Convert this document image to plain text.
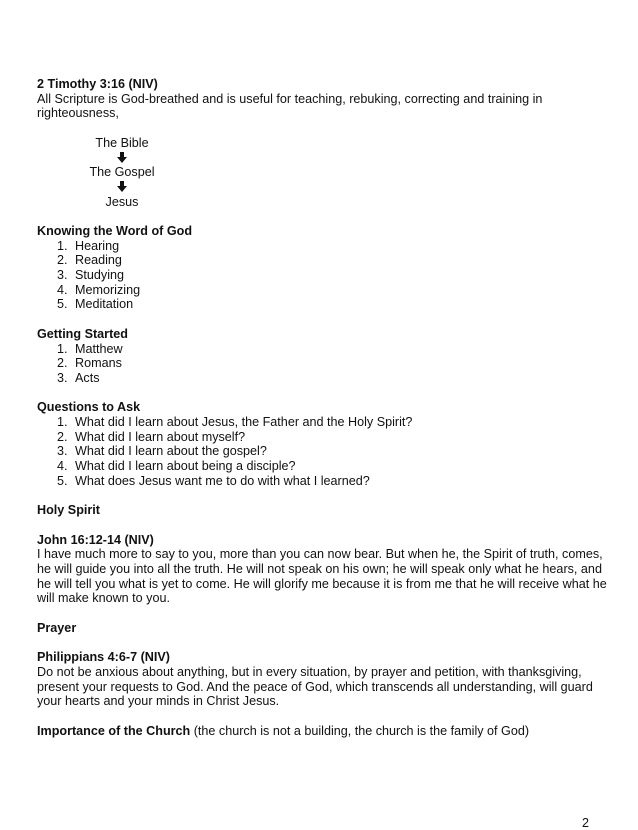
2 Timothy 3:16 (NIV)

All Scripture is God-breathed and is useful for teaching, rebuking, correcting and training in righteousness,

The Bible
The Gospel
Jesus

Knowing the Word of God

1. Hearing
2. Reading
3. Studying
4. Memorizing
5. Meditation

Getting Started

1. Matthew
2. Romans
3. Acts

Questions to Ask

1. What did I learn about Jesus, the Father and the Holy Spirit?
2. What did I learn about myself?
3. What did I learn about the gospel?
4. What did I learn about being a disciple?
5. What does Jesus want me to do with what I learned?

Holy Spirit

John 16:12-14 (NIV)

I have much more to say to you, more than you can now bear. But when he, the Spirit of truth, comes, he will guide you into all the truth. He will not speak on his own; he will speak only what he hears, and he will tell you what is yet to come. He will glorify me because it is from me that he will receive what he will make known to you.

Prayer

Philippians 4:6-7 (NIV)

Do not be anxious about anything, but in every situation, by prayer and petition, with thanksgiving, present your requests to God. And the peace of God, which transcends all understanding, will guard your hearts and your minds in Christ Jesus.

Importance of the Church (the church is not a building, the church is the family of God)

2
